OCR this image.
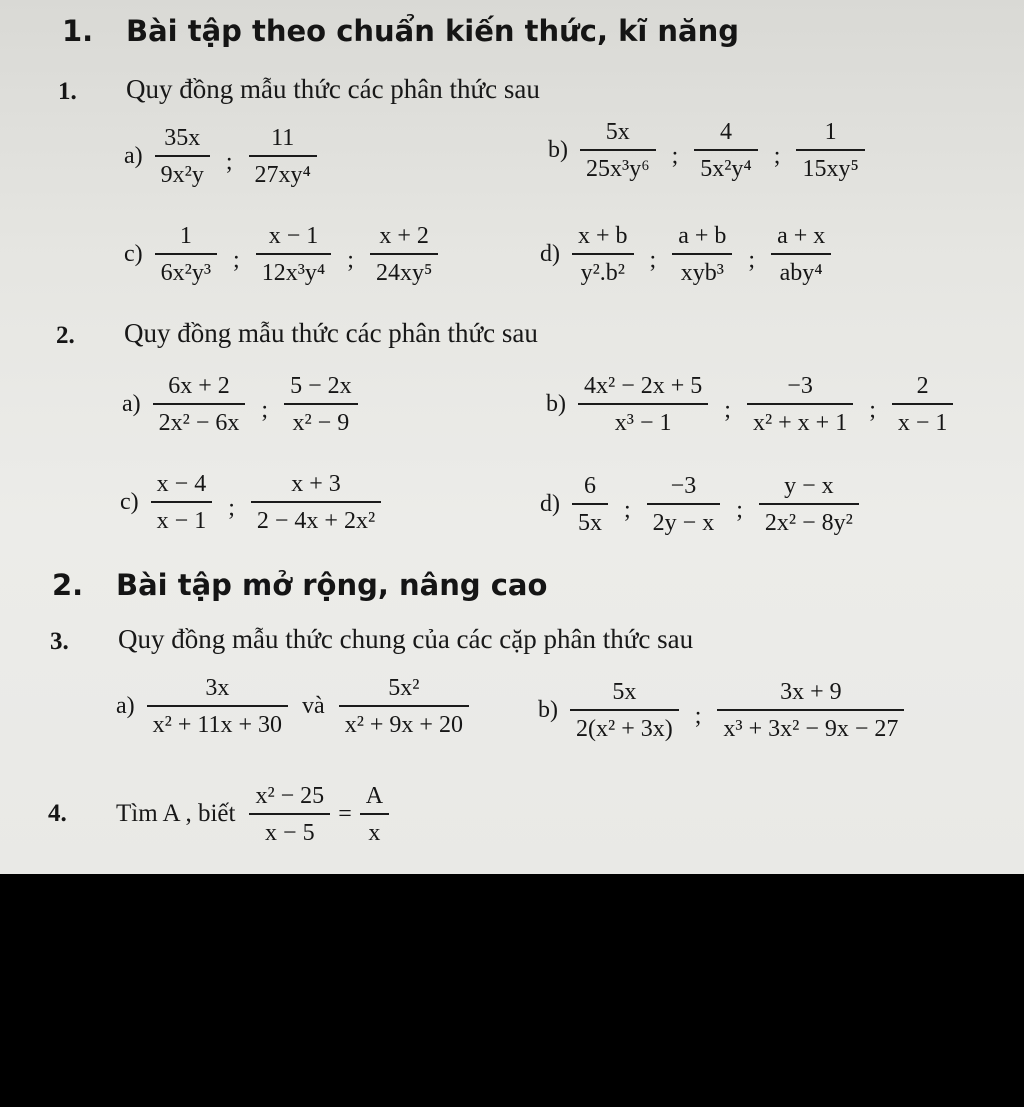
1. Bài tập theo chuẩn kiến thức, kĩ năng
1. Quy đồng mẫu thức các phân thức sau
$a) \frac{35x}{\text{9x²y}}$ ; $\frac{11}{\text{27xy⁴}}$	$b) \frac{5x}{\text{25x³y⁶}}$ ; $\frac{4}{\text{5x²y⁴}}$ ; $\frac{1}{\text{15xy⁵}}$
$c) \frac{1}{\text{6x²y³}}$ ; $\frac{x - 1}{\text{12x³y⁴}}$ ; $\frac{x + 2}{\text{24xy⁵}}$	$d) \frac{x + b}{\text{y².b²}}$ ; $\frac{a + b}{\text{xyb³}}$ ; $\frac{a + x}{\text{aby⁴}}$
2. Quy đồng mẫu thức các phân thức sau
$a) \frac{6x + 2}{\text{2x² − 6x}}$ ; $\frac{5 - 2x}{\text{x² − 9}}$	$b) \frac{\text{4x² − 2x + 5}}{\text{x³ − 1}}$ ; $\frac{-3}{\text{x² + x + 1}}$ ; $\frac{2}{x - 1}$
$c) \frac{x - 4}{x - 1}$ ; $\frac{x + 3}{\text{2 − 4x + 2x²}}$	$d) \frac{6}{5x}$ ; $\frac{-3}{2y - x}$ ; $\frac{y - x}{\text{2x² − 8y²}}$
2. Bài tập mở rộng, nâng cao
3. Quy đồng mẫu thức chung của các cặp phân thức sau
$a) \frac{3x}{\text{x² + 11x + 30}}$ và $\frac{\text{5x²}}{\text{x² + 9x + 20}}$	$b) \frac{5x}{\text{2(x² + 3x)}}$ ; $\frac{3x + 9}{\text{x³ + 3x² − 9x − 27}}$
4.	Tìm A , biết $\frac{\text{x² − 25}}{x - 5} = \frac{A}{x}$
